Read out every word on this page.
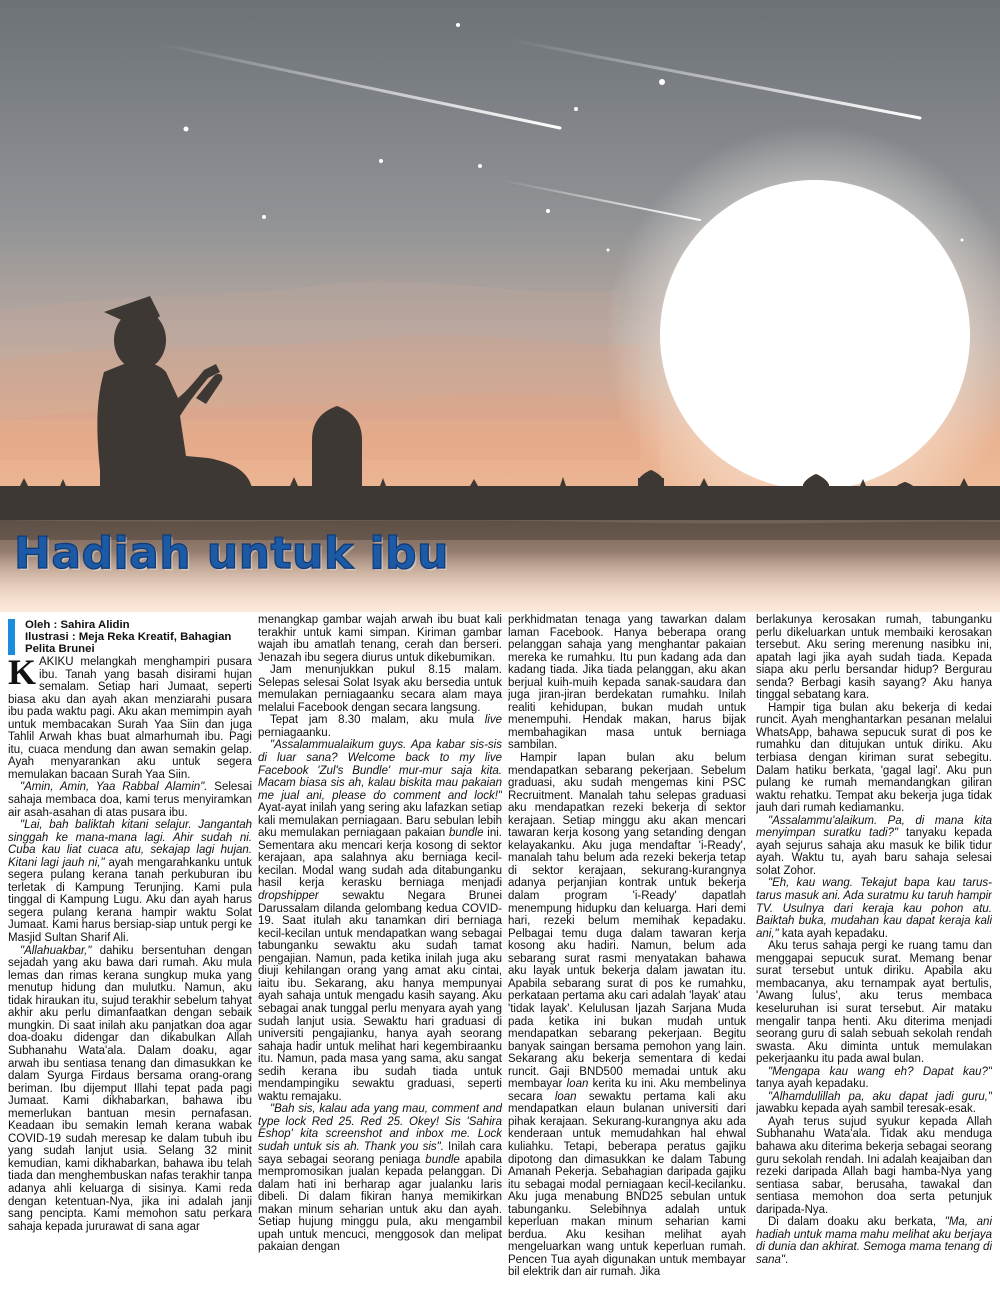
Hadiah untuk ibu
Oleh : Sahira Alidin
Ilustrasi : Meja Reka Kreatif, Bahagian
Pelita Brunei

KAKIKU melangkah menghampiri pusara ibu. Tanah yang basah disirami hujan semalam. Setiap hari Jumaat, seperti biasa aku dan ayah akan menziarahi pusara ibu pada waktu pagi. Aku akan memimpin ayah untuk membacakan Surah Yaa Siin dan juga Tahlil Arwah khas buat almarhumah ibu. Pagi itu, cuaca mendung dan awan semakin gelap. Ayah menyarankan aku untuk segera memulakan bacaan Surah Yaa Siin.

"Amin, Amin, Yaa Rabbal Alamin". Selesai sahaja membaca doa, kami terus menyiramkan air asah-asahan di atas pusara ibu.

"Lai, bah baliktah kitani selajur. Jangantah singgah ke mana-mana lagi. Ahir sudah ni. Cuba kau liat cuaca atu, sekajap lagi hujan. Kitani lagi jauh ni," ayah mengarahkanku untuk segera pulang kerana tanah perkuburan ibu terletak di Kampung Terunjing. Kami pula tinggal di Kampung Lugu. Aku dan ayah harus segera pulang kerana hampir waktu Solat Jumaat. Kami harus bersiap-siap untuk pergi ke Masjid Sultan Sharif Ali.

"Allahuakbar," dahiku bersentuhan dengan sejadah yang aku bawa dari rumah. Aku mula lemas dan rimas kerana sungkup muka yang menutup hidung dan mulutku. Namun, aku tidak hiraukan itu, sujud terakhir sebelum tahyat akhir aku perlu dimanfaatkan dengan sebaik mungkin. Di saat inilah aku panjatkan doa agar doa-doaku didengar dan dikabulkan Allah Subhanahu Wata'ala. Dalam doaku, agar arwah ibu sentiasa tenang dan dimasukkan ke dalam Syurga Firdaus bersama orang-orang beriman. Ibu dijemput Illahi tepat pada pagi Jumaat. Kami dikhabarkan, bahawa ibu memerlukan bantuan mesin pernafasan. Keadaan ibu semakin lemah kerana wabak COVID-19 sudah meresap ke dalam tubuh ibu yang sudah lanjut usia. Selang 32 minit kemudian, kami dikhabarkan, bahawa ibu telah tiada dan menghembuskan nafas terakhir tanpa adanya ahli keluarga di sisinya. Kami reda dengan ketentuan-Nya, jika ini adalah janji sang pencipta. Kami memohon satu perkara sahaja kepada jururawat di sana agar

menangkap gambar wajah arwah ibu buat kali terakhir untuk kami simpan. Kiriman gambar wajah ibu amatlah tenang, cerah dan berseri. Jenazah ibu segera diurus untuk dikebumikan.

Jam menunjukkan pukul 8.15 malam. Selepas selesai Solat Isyak aku bersedia untuk memulakan perniagaanku secara alam maya melalui Facebook dengan secara langsung.

Tepat jam 8.30 malam, aku mula live perniagaanku.

"Assalammualaikum guys. Apa kabar sis-sis di luar sana? Welcome back to my live Facebook 'Zul's Bundle' mur-mur saja kita. Macam biasa sis ah, kalau biskita mau pakaian me jual ani, please do comment and lock!" Ayat-ayat inilah yang sering aku lafazkan setiap kali memulakan perniagaan. Baru sebulan lebih aku memulakan perniagaan pakaian bundle ini. Sementara aku mencari kerja kosong di sektor kerajaan, apa salahnya aku berniaga kecil-kecilan. Modal wang sudah ada ditabunganku hasil kerja kerasku berniaga menjadi dropshipper sewaktu Negara Brunei Darussalam dilanda gelombang kedua COVID-19. Saat itulah aku tanamkan diri berniaga kecil-kecilan untuk mendapatkan wang sebagai tabunganku sewaktu aku sudah tamat pengajian. Namun, pada ketika inilah juga aku diuji kehilangan orang yang amat aku cintai, iaitu ibu. Sekarang, aku hanya mempunyai ayah sahaja untuk mengadu kasih sayang. Aku sebagai anak tunggal perlu menyara ayah yang sudah lanjut usia. Sewaktu hari graduasi di universiti pengajianku, hanya ayah seorang sahaja hadir untuk melihat hari kegembiraanku itu. Namun, pada masa yang sama, aku sangat sedih kerana ibu sudah tiada untuk mendampingiku sewaktu graduasi, seperti waktu remajaku.

"Bah sis, kalau ada yang mau, comment and type lock Red 25. Red 25. Okey! Sis 'Sahira Eshop' kita screenshot and inbox me. Lock sudah untuk sis ah. Thank you sis". Inilah cara saya sebagai seorang peniaga bundle apabila mempromosikan jualan kepada pelanggan. Di dalam hati ini berharap agar jualanku laris dibeli. Di dalam fikiran hanya memikirkan makan minum seharian untuk aku dan ayah. Setiap hujung minggu pula, aku mengambil upah untuk mencuci, menggosok dan melipat pakaian dengan

perkhidmatan tenaga yang tawarkan dalam laman Facebook. Hanya beberapa orang pelanggan sahaja yang menghantar pakaian mereka ke rumahku. Itu pun kadang ada dan kadang tiada. Jika tiada pelanggan, aku akan berjual kuih-muih kepada sanak-saudara dan juga jiran-jiran berdekatan rumahku. Inilah realiti kehidupan, bukan mudah untuk menempuhi. Hendak makan, harus bijak membahagikan masa untuk berniaga sambilan.

Hampir lapan bulan aku belum mendapatkan sebarang pekerjaan. Sebelum graduasi, aku sudah mengemas kini PSC Recruitment. Manalah tahu selepas graduasi aku mendapatkan rezeki bekerja di sektor kerajaan. Setiap minggu aku akan mencari tawaran kerja kosong yang setanding dengan kelayakanku. Aku juga mendaftar 'i-Ready', manalah tahu belum ada rezeki bekerja tetap di sektor kerajaan, sekurang-kurangnya adanya perjanjian kontrak untuk bekerja dalam program 'i-Ready' dapatlah menempung hidupku dan keluarga. Hari demi hari, rezeki belum memihak kepadaku. Pelbagai temu duga dalam tawaran kerja kosong aku hadiri. Namun, belum ada sebarang surat rasmi menyatakan bahawa aku layak untuk bekerja dalam jawatan itu. Apabila sebarang surat di pos ke rumahku, perkataan pertama aku cari adalah 'layak' atau 'tidak layak'. Kelulusan Ijazah Sarjana Muda pada ketika ini bukan mudah untuk mendapatkan sebarang pekerjaan. Begitu banyak saingan bersama pemohon yang lain. Sekarang aku bekerja sementara di kedai runcit. Gaji BND500 memadai untuk aku membayar loan kerita ku ini. Aku membelinya secara loan sewaktu pertama kali aku mendapatkan elaun bulanan universiti dari pihak kerajaan. Sekurang-kurangnya aku ada kenderaan untuk memudahkan hal ehwal kuliahku. Tetapi, beberapa peratus gajiku dipotong dan dimasukkan ke dalam Tabung Amanah Pekerja. Sebahagian daripada gajiku itu sebagai modal perniagaan kecil-kecilanku. Aku juga menabung BND25 sebulan untuk tabunganku. Selebihnya adalah untuk keperluan makan minum seharian kami berdua. Aku kesihan melihat ayah mengeluarkan wang untuk keperluan rumah. Pencen Tua ayah digunakan untuk membayar bil elektrik dan air rumah. Jika

berlakunya kerosakan rumah, tabunganku perlu dikeluarkan untuk membaiki kerosakan tersebut. Aku sering merenung nasibku ini, apatah lagi jika ayah sudah tiada. Kepada siapa aku perlu bersandar hidup? Bergurau senda? Berbagi kasih sayang? Aku hanya tinggal sebatang kara.

Hampir tiga bulan aku bekerja di kedai runcit. Ayah menghantarkan pesanan melalui WhatsApp, bahawa sepucuk surat di pos ke rumahku dan ditujukan untuk diriku. Aku terbiasa dengan kiriman surat sebegitu. Dalam hatiku berkata, 'gagal lagi'. Aku pun pulang ke rumah memandangkan giliran waktu rehatku. Tempat aku bekerja juga tidak jauh dari rumah kediamanku.

"Assalammu'alaikum. Pa, di mana kita menyimpan suratku tadi?" tanyaku kepada ayah sejurus sahaja aku masuk ke bilik tidur ayah. Waktu tu, ayah baru sahaja selesai solat Zohor.

"Eh, kau wang. Tekajut bapa kau tarus-tarus masuk ani. Ada suratmu ku taruh hampir TV. Usulnya dari keraja kau pohon atu. Baiktah buka, mudahan kau dapat keraja kali ani," kata ayah kepadaku.

Aku terus sahaja pergi ke ruang tamu dan menggapai sepucuk surat. Memang benar surat tersebut untuk diriku. Apabila aku membacanya, aku ternampak ayat bertulis, 'Awang lulus', aku terus membaca keseluruhan isi surat tersebut. Air mataku mengalir tanpa henti. Aku diterima menjadi seorang guru di salah sebuah sekolah rendah swasta. Aku diminta untuk memulakan pekerjaanku itu pada awal bulan.

"Mengapa kau wang eh? Dapat kau?" tanya ayah kepadaku.

"Alhamdulillah pa, aku dapat jadi guru," jawabku kepada ayah sambil teresak-esak.

Ayah terus sujud syukur kepada Allah Subhanahu Wata'ala. Tidak aku menduga bahawa aku diterima bekerja sebagai seorang guru sekolah rendah. Ini adalah keajaiban dan rezeki daripada Allah bagi hamba-Nya yang sentiasa sabar, berusaha, tawakal dan sentiasa memohon doa serta petunjuk daripada-Nya.

Di dalam doaku aku berkata, "Ma, ani hadiah untuk mama mahu melihat aku berjaya di dunia dan akhirat. Semoga mama tenang di sana".
